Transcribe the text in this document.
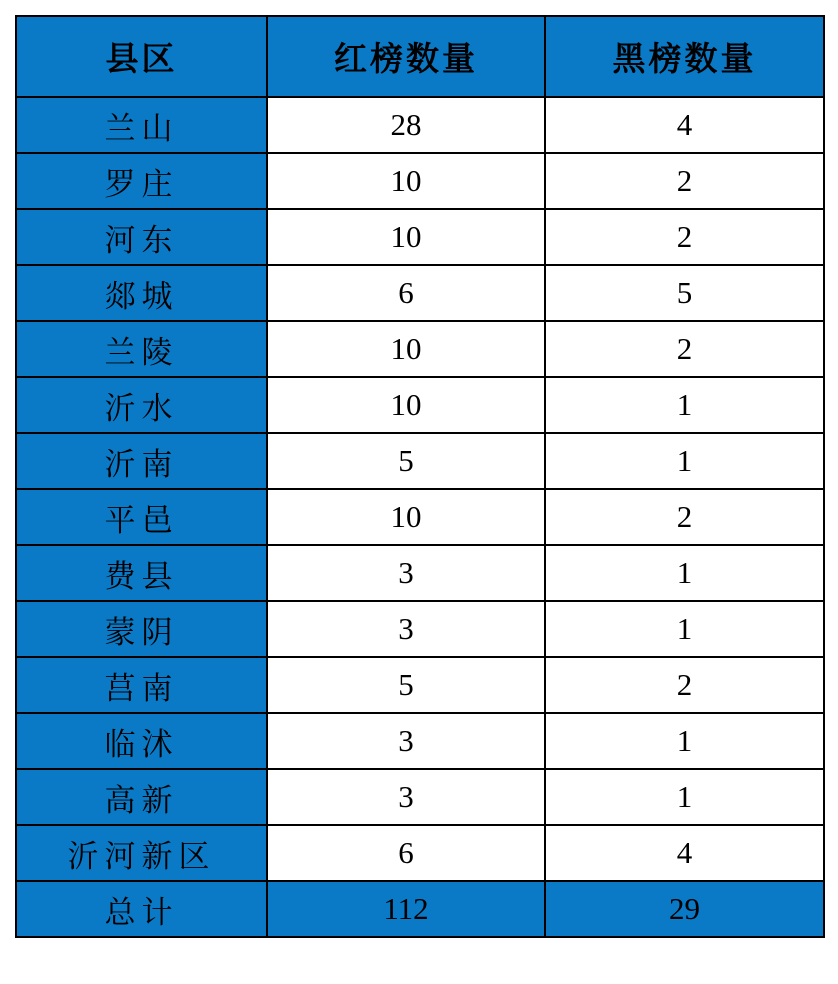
县区	红榜数量	黑榜数量
兰山	28	4
罗庄	10	2
河东	10	2
郯城	6	5
兰陵	10	2
沂水	10	1
沂南	5	1
平邑	10	2
费县	3	1
蒙阴	3	1
莒南	5	2
临沭	3	1
高新	3	1
沂河新区	6	4
总计	112	29
